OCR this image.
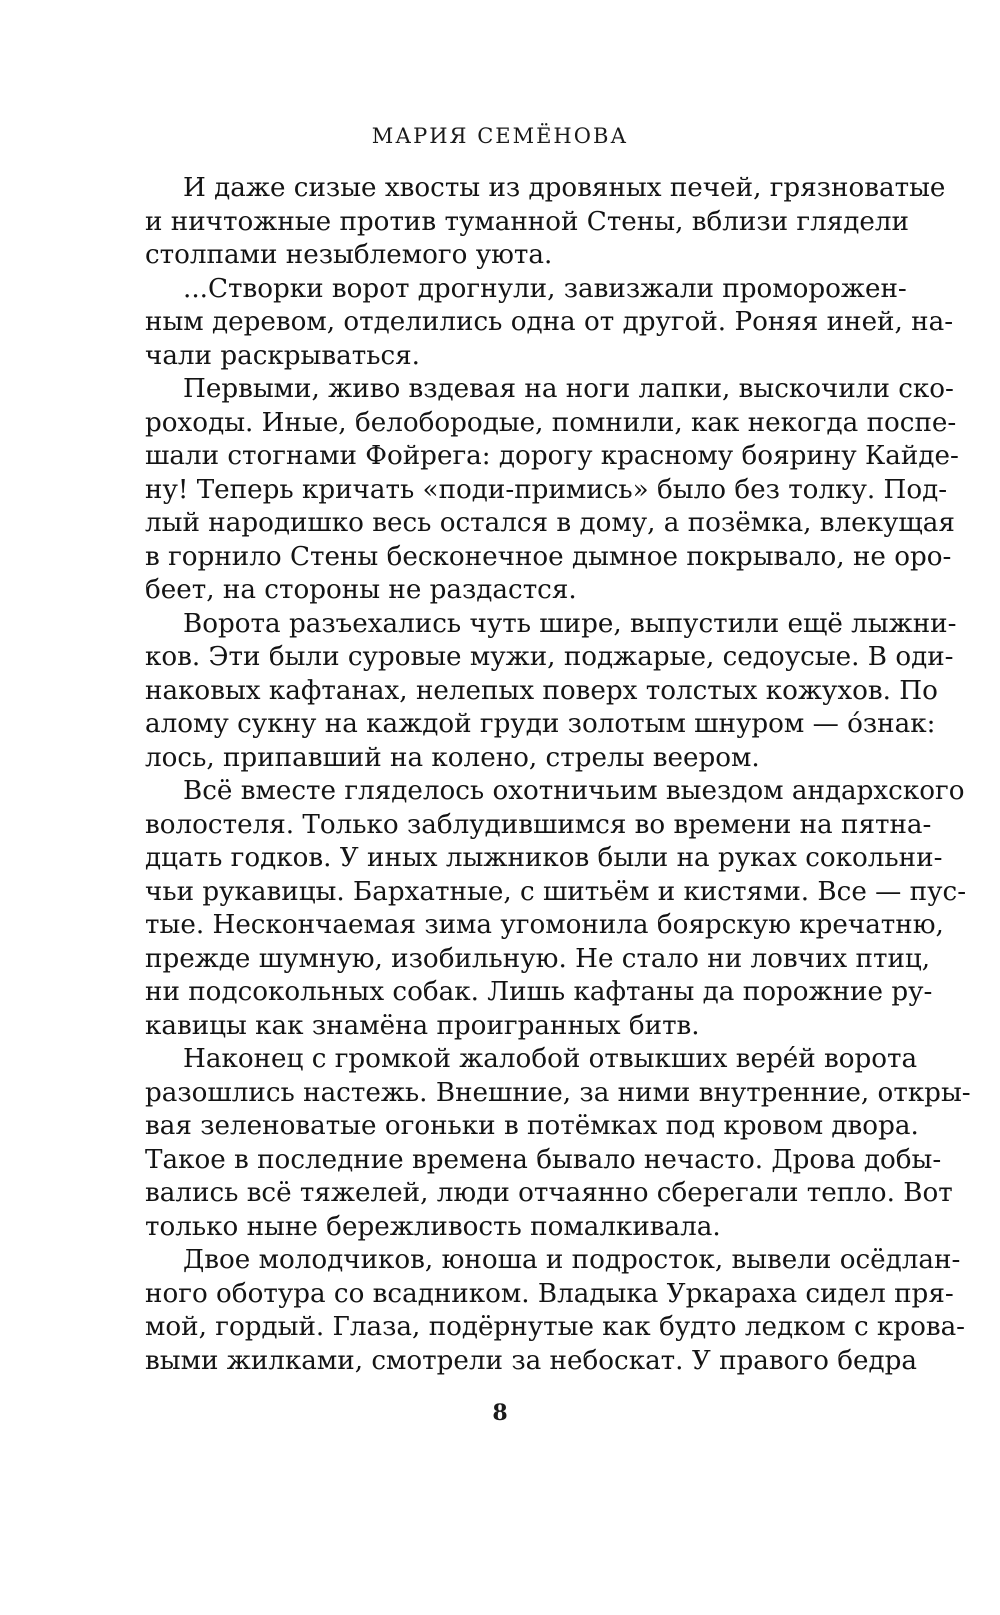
МАРИЯ СЕМЁНОВА
И даже сизые хвосты из дровяных печей, грязноватые
и ничтожные против туманной Стены, вблизи глядели
столпами незыблемого уюта.
...Створки ворот дрогнули, завизжали проморожен-
ным деревом, отделились одна от другой. Роняя иней, на-
чали раскрываться.
Первыми, живо вздевая на ноги лапки, выскочили ско-
роходы. Иные, белобородые, помнили, как некогда поспе-
шали стогнами Фойрега: дорогу красному боярину Кайде-
ну! Теперь кричать «поди-примись» было без толку. Под-
лый народишко весь остался в дому, а позёмка, влекущая
в горнило Стены бесконечное дымное покрывало, не оро-
беет, на стороны не раздастся.
Ворота разъехались чуть шире, выпустили ещё лыжни-
ков. Эти были суровые мужи, поджарые, седоусые. В оди-
наковых кафтанах, нелепых поверх толстых кожухов. По
алому сукну на каждой груди золотым шнуром — о́знак:
лось, припавший на колено, стрелы веером.
Всё вместе гляделось охотничьим выездом андархского
волостеля. Только заблудившимся во времени на пятна-
дцать годков. У иных лыжников были на руках сокольни-
чьи рукавицы. Бархатные, с шитьём и кистями. Все — пус-
тые. Нескончаемая зима угомонила боярскую кречатню,
прежде шумную, изобильную. Не стало ни ловчих птиц,
ни подсокольных собак. Лишь кафтаны да порожние ру-
кавицы как знамёна проигранных битв.
Наконец с громкой жалобой отвыкших верéй ворота
разошлись настежь. Внешние, за ними внутренние, откры-
вая зеленоватые огоньки в потёмках под кровом двора.
Такое в последние времена бывало нечасто. Дрова добы-
вались всё тяжелей, люди отчаянно сберегали тепло. Вот
только ныне бережливость помалкивала.
Двое молодчиков, юноша и подросток, вывели осёдлан-
ного оботура со всадником. Владыка Уркараха сидел пря-
мой, гордый. Глаза, подёрнутые как будто ледком с крова-
выми жилками, смотрели за небоскат. У правого бедра
8
